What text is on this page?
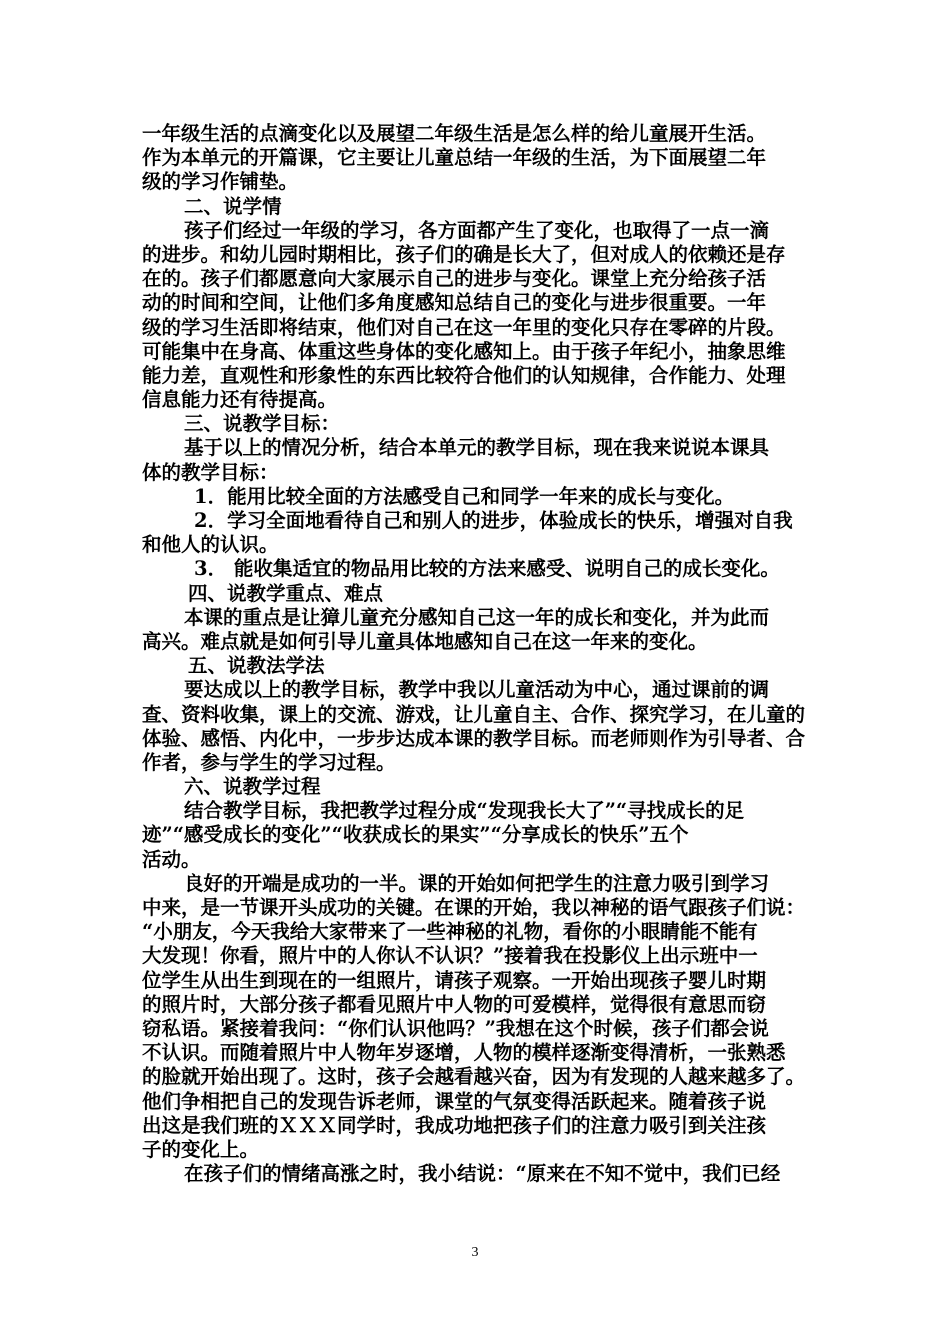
一年级生活的点滴变化以及展望二年级生活是怎么样的给儿童展开生活。
作为本单元的开篇课，它主要让儿童总结一年级的生活，为下面展望二年
级的学习作铺垫。
二、说学情
孩子们经过一年级的学习，各方面都产生了变化，也取得了一点一滴
的进步。和幼儿园时期相比，孩子们的确是长大了，但对成人的依赖还是存
在的。孩子们都愿意向大家展示自己的进步与变化。课堂上充分给孩子活
动的时间和空间，让他们多角度感知总结自己的变化与进步很重要。一年
级的学习生活即将结束，他们对自己在这一年里的变化只存在零碎的片段。
可能集中在身高、体重这些身体的变化感知上。由于孩子年纪小，抽象思维
能力差，直观性和形象性的东西比较符合他们的认知规律，合作能力、处理
信息能力还有待提高。
三、说教学目标：
基于以上的情况分析，结合本单元的教学目标，现在我来说说本课具
体的教学目标：
1．能用比较全面的方法感受自己和同学一年来的成长与变化。
2．学习全面地看待自己和别人的进步，体验成长的快乐，增强对自我
和他人的认识。
3． 能收集适宜的物品用比较的方法来感受、说明自己的成长变化。
四、说教学重点、难点
本课的重点是让獐儿童充分感知自己这一年的成长和变化，并为此而
高兴。难点就是如何引导儿童具体地感知自己在这一年来的变化。
五、说教法学法
要达成以上的教学目标，教学中我以儿童活动为中心，通过课前的调
查、资料收集，课上的交流、游戏，让儿童自主、合作、探究学习，在儿童的
体验、感悟、内化中，一步步达成本课的教学目标。而老师则作为引导者、合
作者，参与学生的学习过程。
六、说教学过程
结合教学目标，我把教学过程分成“发现我长大了”“寻找成长的足
迹”“感受成长的变化”“收获成长的果实”“分享成长的快乐”五个
活动。
良好的开端是成功的一半。课的开始如何把学生的注意力吸引到学习
中来，是一节课开头成功的关键。在课的开始，我以神秘的语气跟孩子们说：
“小朋友，今天我给大家带来了一些神秘的礼物，看你的小眼睛能不能有
大发现！你看，照片中的人你认不认识？”接着我在投影仪上出示班中一
位学生从出生到现在的一组照片，请孩子观察。一开始出现孩子婴儿时期
的照片时，大部分孩子都看见照片中人物的可爱模样，觉得很有意思而窃
窃私语。紧接着我问：“你们认识他吗？”我想在这个时候，孩子们都会说
不认识。而随着照片中人物年岁逐增，人物的模样逐渐变得清析，一张熟悉
的脸就开始出现了。这时，孩子会越看越兴奋，因为有发现的人越来越多了。
他们争相把自己的发现告诉老师，课堂的气氛变得活跃起来。随着孩子说
出这是我们班的ＸＸＸ同学时，我成功地把孩子们的注意力吸引到关注孩
子的变化上。
在孩子们的情绪高涨之时，我小结说：“原来在不知不觉中，我们已经
3
